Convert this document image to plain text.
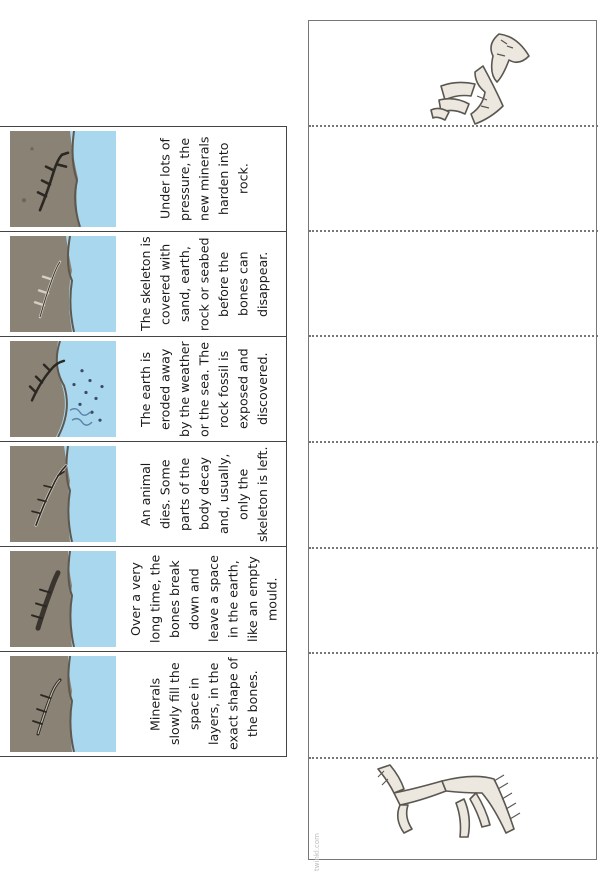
Under lots of pressure, the new minerals harden into rock.
The skeleton is covered with sand, earth, rock or seabed before the bones can disappear.
The earth is eroded away by the weather or the sea. The rock fossil is exposed and discovered.
An animal dies. Some parts of the body decay and, usually, only the skeleton is left.
Over a very long time, the bones break down and leave a space in the earth, like an empty mould.
Minerals slowly fill the space in layers, in the exact shape of the bones.
twinkl.com
